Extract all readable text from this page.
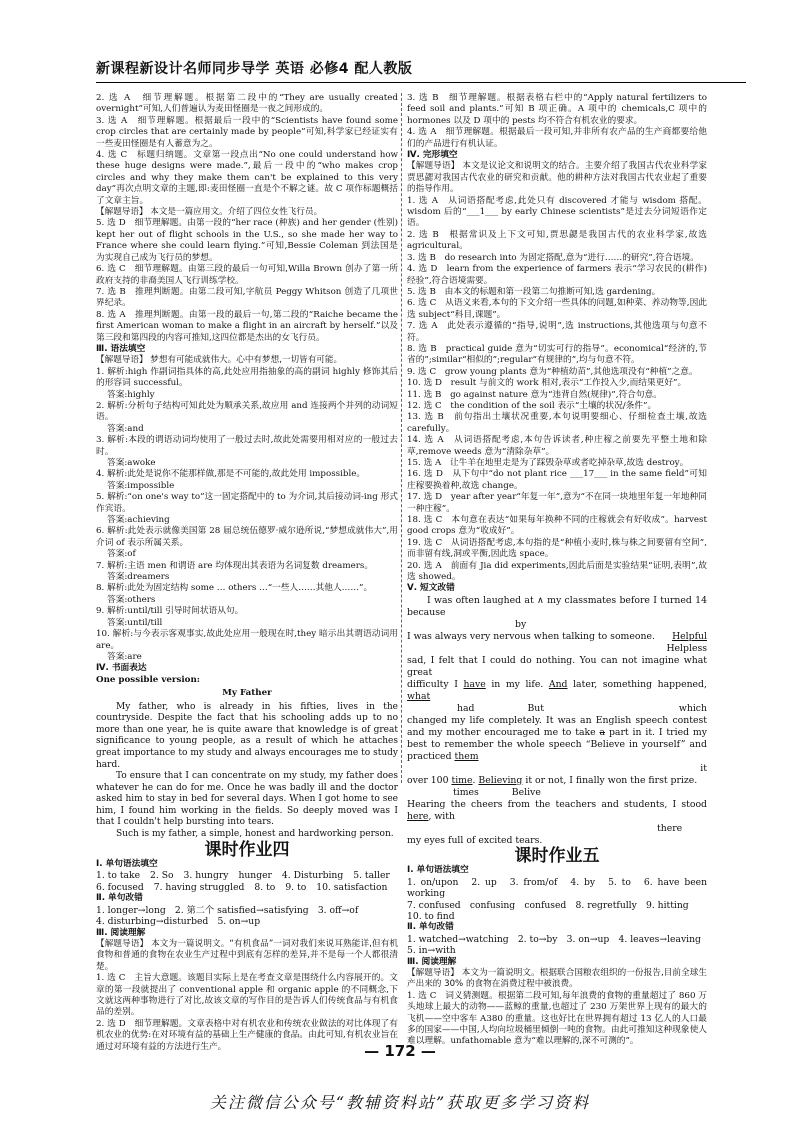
新课程新设计名师同步导学 英语 必修4 配人教版

2. 选 A　细节理解题。根据第二段中的“They are usually created overnight”可知,人们普遍认为麦田怪圈是一夜之间形成的。

3. 选 A　细节理解题。根据最后一段中的“Scientists have found some crop circles that are certainly made by people”可知,科学家已经证实有一些麦田怪圈是有人蓄意为之。

4. 选 C　标题归纳题。文章第一段点出“No one could understand how these huge designs were made.”,最后一段中的“who makes crop circles and why they make them can't be explained to this very day”再次点明文章的主题,即:麦田怪圈一直是个不解之谜。故 C 项作标题概括了文章主旨。

【解题导语】 本文是一篇应用文。介绍了四位女性飞行员。

5. 选 D　细节理解题。由第一段的“her race (种族) and her gender (性别) kept her out of flight schools in the U.S., so she made her way to France where she could learn flying.”可知,Bessie Coleman 到法国是为实现自己成为飞行员的梦想。

6. 选 C　细节理解题。由第三段的最后一句可知,Willa Brown 创办了第一所政府支持的非裔美国人飞行训练学校。

7. 选 B　推理判断题。由第二段可知,字航员 Peggy Whitson 创造了几项世界纪录。

8. 选 A　推理判断题。由第一段的最后一句,第二段的“Raiche became the first American woman to make a flight in an aircraft by herself.”以及第三段和第四段的内容可推知,这四位都是杰出的女飞行员。

Ⅲ. 语法填空

【解题导语】 梦想有可能成就伟大。心中有梦想,一切皆有可能。

1. 解析:high 作副词指具体的高,此处应用指抽象的高的副词 highly 修饰其后的形容词 successful。

答案:highly

2. 解析:分析句子结构可知此处为顺承关系,故应用 and 连接两个并列的动词短语。

答案:and

3. 解析:本段的谓语动词均使用了一般过去时,故此处需要用相对应的一般过去时。

答案:awoke

4. 解析:此处是说你不能那样做,那是不可能的,故此处用 impossible。

答案:impossible

5. 解析:“on one's way to”这一固定搭配中的 to 为介词,其后接动词-ing 形式作宾语。

答案:achieving

6. 解析:此处表示就像美国第 28 届总统伍德罗·威尔逊所说,“梦想成就伟大”,用介词 of 表示所属关系。

答案:of

7. 解析:主语 men 和谓语 are 均体现出其表语为名词复数 dreamers。

答案:dreamers

8. 解析:此处为固定结构 some … others …“一些人……其他人……”。

答案:others

9. 解析:until/till 引导时间状语从句。

答案:until/till

10. 解析:与今表示客观事实,故此处应用一般现在时,they 暗示出其谓语动词用 are。

答案:are

Ⅳ. 书面表达

One possible version:

My Father

My father, who is already in his fifties, lives in the countryside. Despite the fact that his schooling adds up to no more than one year, he is quite aware that knowledge is of great significance to young people, as a result of which he attaches great importance to my study and always encourages me to study hard.

To ensure that I can concentrate on my study, my father does whatever he can do for me. Once he was badly ill and the doctor asked him to stay in bed for several days. When I got home to see him, I found him working in the fields. So deeply moved was I that I couldn't help bursting into tears.

Such is my father, a simple, honest and hardworking person.

课时作业四

Ⅰ. 单句语法填空

1. to take 2. So 3. hungry hunger 4. Disturbing 5. taller
6. focused 7. having struggled 8. to 9. to 10. satisfaction

Ⅱ. 单句改错

1. longer→long　2. 第二个 satisfied→satisfying　3. off→of

4. disturbing→disturbed　5. on→up

Ⅲ. 阅读理解

【解题导语】 本文为一篇说明文。“有机食品”一词对我们来说耳熟能详,但有机食物和普通的食物在农业生产过程中到底有怎样的差异,并不是每一个人都很清楚。

1. 选 C　主旨大意题。该题目实际上是在考查文章是围绕什么内容展开的。文章的第一段就提出了 conventional apple 和 organic apple 的不同概念,下文就这两种事物进行了对比,故该文章的写作目的是告诉人们传统食品与有机食品的差别。

2. 选 D　细节理解题。文章表格中对有机农业和传统农业做法的对比体现了有机农业的优势:在对环境有益的基础上生产健康的食品。由此可知,有机农业旨在通过对环境有益的方法进行生产。

3. 选 B　细节理解题。根据表格右栏中的“Apply natural fertilizers to feed soil and plants.”可知 B 项正确。A 项中的 chemicals,C 项中的 hormones 以及 D 项中的 pests 均不符合有机农业的要求。

4. 选 A　细节理解题。根据最后一段可知,并非所有农产品的生产商都要给他们的产品进行有机认证。

Ⅳ. 完形填空

【解题导语】 本文是议论文和说明文的结合。主要介绍了我国古代农业科学家贾思勰对我国古代农业的研究和贡献。他的耕种方法对我国古代农业起了重要的指导作用。

1. 选 A　从词语搭配考虑,此处只有 discovered 才能与 wisdom 搭配。wisdom 后的“___1___ by early Chinese scientists”是过去分词短语作定语。

2. 选 B　根据常识及上下文可知,贾思勰是我国古代的农业科学家,故选 agricultural。

3. 选 B　do research into 为固定搭配,意为“进行……的研究”,符合语境。

4. 选 D　learn from the experience of farmers 表示“学习农民的(耕作)经验”,符合语境需要。

5. 选 B　由本文的标题和第一段第二句推断可知,选 gardening。

6. 选 C　从语义来看,本句的下文介绍一些具体的问题,如种菜、养动物等,因此选 subject“科目,课题”。

7. 选 A　此处表示遵循的“指导,说明”,选 instructions,其他选项与句意不符。

8. 选 B　practical guide 意为“切实可行的指导”。economical“经济的,节省的”;similar“相似的”;regular“有规律的”,均与句意不符。

9. 选 C　grow young plants 意为“种植幼苗”,其他选项没有“种植”之意。

10. 选 D　result 与前文的 work 相对,表示“工作投入少,而结果更好”。

11. 选 B　go against nature 意为“违背自然(规律)”,符合句意。

12. 选 C　the condition of the soil 表示“土壤的状况/条件”。

13. 选 B　前句指出土壤状况重要,本句说明要细心、仔细检查土壤,故选 carefully。

14. 选 A　从词语搭配考虑,本句告诉读者,种庄稼之前要先平整土地和除草,remove weeds 意为“清除杂草”。

15. 选 A　让牛羊在地里走是为了踩毁杂草或者吃掉杂草,故选 destroy。

16. 选 D　从下句中“do not plant rice ___17___ in the same field”可知庄稼要换着种,故选 change。

17. 选 D　year after year“年复一年”,意为“不在同一块地里年复一年地种同一种庄稼”。

18. 选 C　本句意在表达“如果每年换种不同的庄稼就会有好收成”。harvest good crops 意为“收成好”。

19. 选 C　从词语搭配考虑,本句指的是“种植小麦时,株与株之间要留有空间”,而非留有线,洞或平衡,因此选 space。

20. 选 A　前面有 Jia did experiments,因此后面是实验结果“证明,表明”,故选 showed。

Ⅴ. 短文改错

I was often laughed at ∧ my classmates before I turned 14 because

by

I was always very nervous when talking to someone. Helpful

Helpless

sad, I felt that I could do nothing. You can not imagine what great

difficulty I have in my life. And later, something happened, what

had	But	which

changed my life completely. It was an English speech contest and my mother encouraged me to take a part in it. I tried my best to remember the whole speech “Believe in yourself” and practiced them

it

over 100 time. Believing it or not, I finally won the first prize.

times	Belive

Hearing the cheers from the teachers and students, I stood here, with

there

my eyes full of excited tears.

课时作业五

Ⅰ. 单句语法填空

1. on/upon　2. up　3. from/of　4. by　5. to　6. have been working

7. confused　confusing　confused　8. regretfully　9. hitting

10. to find

Ⅱ. 单句改错

1. watched→watching　2. to→by　3. on→up　4. leaves→leaving

5. in→with

Ⅲ. 阅读理解

【解题导语】 本文为一篇说明文。根据联合国粮农组织的一份报告,目前全球生产出来的 30% 的食物在消费过程中被浪费。

1. 选 C　词义猜测题。根据第二段可知,每年浪费的食物的重量超过了 860 万头地球上最大的动物——蓝鲸的重量,也超过了 230 万架世界上现有的最大的飞机——空中客车 A380 的重量。这也好比在世界拥有超过 13 亿人的人口最多的国家——中国,人均向垃圾桶里倾倒一吨的食物。由此可推知这种现象使人难以理解。unfathomable 意为“难以理解的,深不可测的”。

— 172 —
关注微信公众号“教辅资料站”获取更多学习资料
